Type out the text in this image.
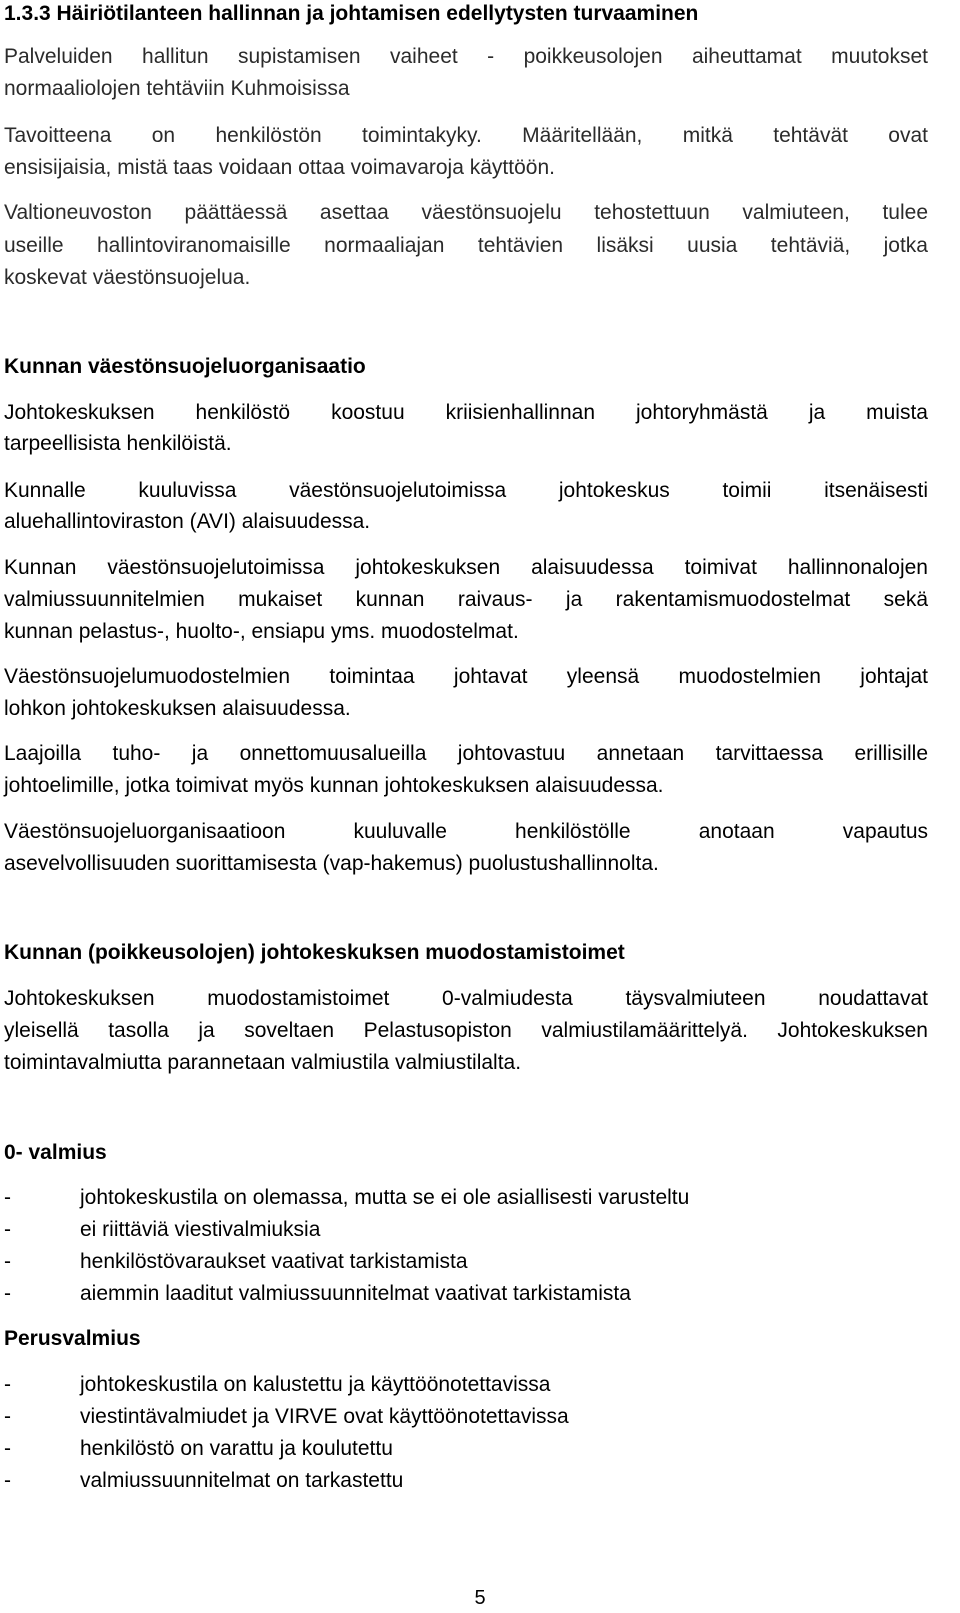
1.3.3 Häiriötilanteen hallinnan ja johtamisen edellytysten turvaaminen

Palveluiden hallitun supistamisen vaiheet - poikkeusolojen aiheuttamat muutokset

normaaliolojen tehtäviin Kuhmoisissa

Tavoitteena on henkilöstön toimintakyky. Määritellään, mitkä tehtävät ovat

ensisijaisia, mistä taas voidaan ottaa voimavaroja käyttöön.

Valtioneuvoston päättäessä asettaa väestönsuojelu tehostettuun valmiuteen, tulee

useille hallintoviranomaisille normaaliajan tehtävien lisäksi uusia tehtäviä, jotka

koskevat väestönsuojelua.

Kunnan väestönsuojeluorganisaatio

Johtokeskuksen henkilöstö koostuu kriisienhallinnan johtoryhmästä ja muista

tarpeellisista henkilöistä.

Kunnalle kuuluvissa väestönsuojelutoimissa johtokeskus toimii itsenäisesti

aluehallintoviraston (AVI) alaisuudessa.

Kunnan väestönsuojelutoimissa johtokeskuksen alaisuudessa toimivat hallinnonalojen

valmiussuunnitelmien mukaiset kunnan raivaus- ja rakentamismuodostelmat sekä

kunnan pelastus-, huolto-, ensiapu yms. muodostelmat.

Väestönsuojelumuodostelmien toimintaa johtavat yleensä muodostelmien johtajat

lohkon johtokeskuksen alaisuudessa.

Laajoilla tuho- ja onnettomuusalueilla johtovastuu annetaan tarvittaessa erillisille

johtoelimille, jotka toimivat myös kunnan johtokeskuksen alaisuudessa.

Väestönsuojeluorganisaatioon kuuluvalle henkilöstölle anotaan vapautus

asevelvollisuuden suorittamisesta (vap-hakemus) puolustushallinnolta.

Kunnan (poikkeusolojen) johtokeskuksen muodostamistoimet

Johtokeskuksen muodostamistoimet 0-valmiudesta täysvalmiuteen noudattavat

yleisellä tasolla ja soveltaen Pelastusopiston valmiustilamäärittelyä. Johtokeskuksen

toimintavalmiutta parannetaan valmiustila valmiustilalta.

0- valmius

-	johtokeskustila on olemassa, mutta se ei ole asiallisesti varusteltu

-	ei riittäviä viestivalmiuksia

-	henkilöstövaraukset vaativat tarkistamista

-	aiemmin laaditut valmiussuunnitelmat vaativat tarkistamista

Perusvalmius

-	johtokeskustila on kalustettu ja käyttöönotettavissa

-	viestintävalmiudet ja VIRVE ovat käyttöönotettavissa

-	henkilöstö on varattu ja koulutettu

-	valmiussuunnitelmat on tarkastettu

5
